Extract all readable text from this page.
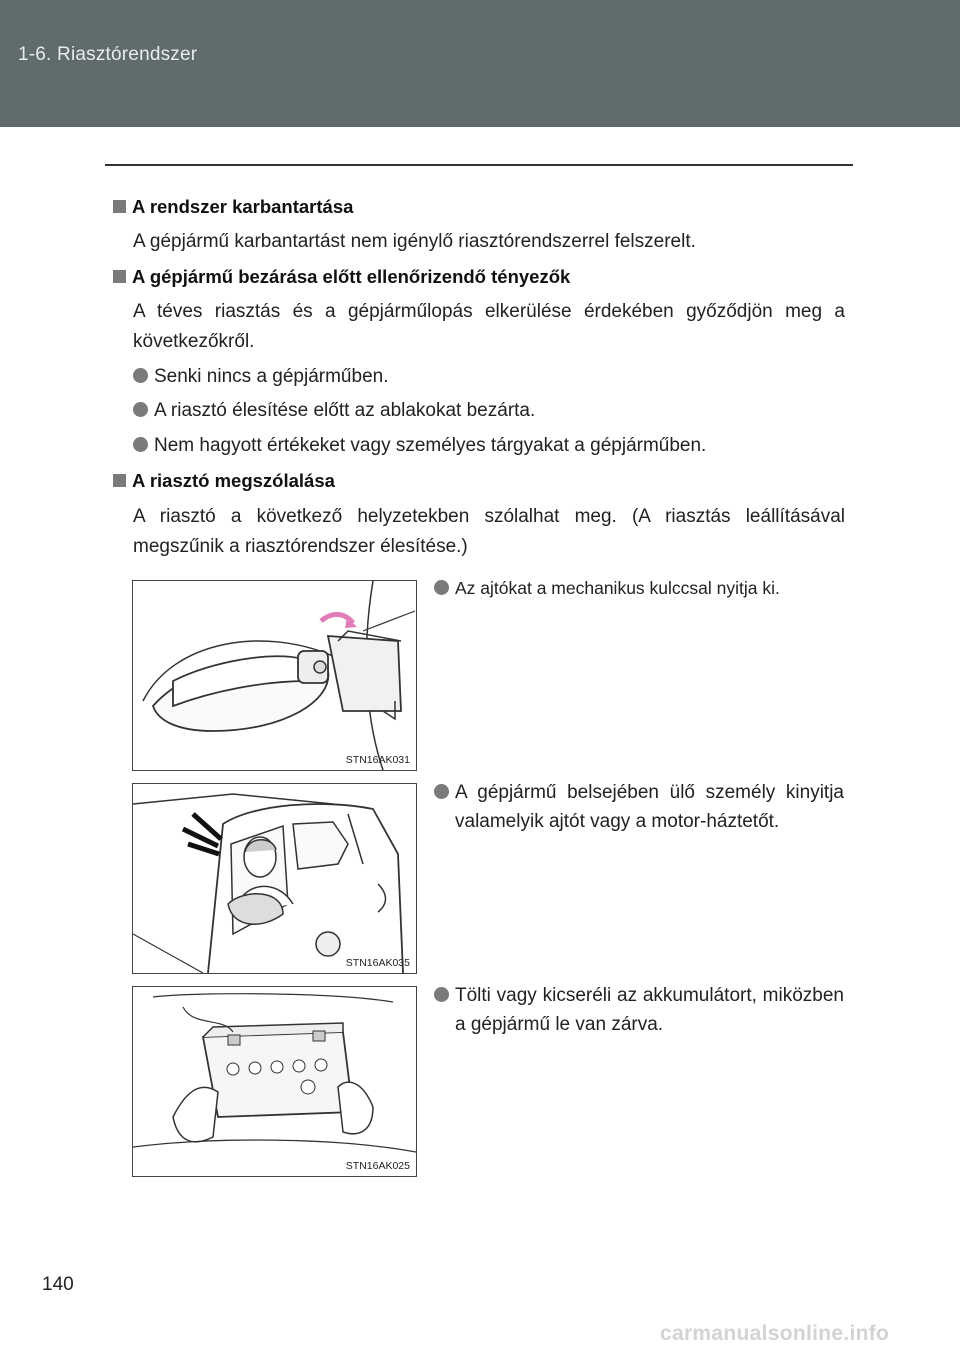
1-6. Riasztórendszer
A rendszer karbantartása
A gépjármű karbantartást nem igénylő riasztórendszerrel felszerelt.
A gépjármű bezárása előtt ellenőrizendő tényezők
A téves riasztás és a gépjárműlopás elkerülése érdekében győződjön meg a következőkről.
Senki nincs a gépjárműben.
A riasztó élesítése előtt az ablakokat bezárta.
Nem hagyott értékeket vagy személyes tárgyakat a gépjárműben.
A riasztó megszólalása
A riasztó a következő helyzetekben szólalhat meg. (A riasztás leállításával megszűnik a riasztórendszer élesítése.)
STN16AK031
Az ajtókat a mechanikus kulccsal nyitja ki.
STN16AK035
A gépjármű belsejében ülő személy kinyitja valamelyik ajtót vagy a motor-háztetőt.
STN16AK025
Tölti vagy kicseréli az akkumulátort, miközben a gépjármű le van zárva.
140
carmanualsonline.info
